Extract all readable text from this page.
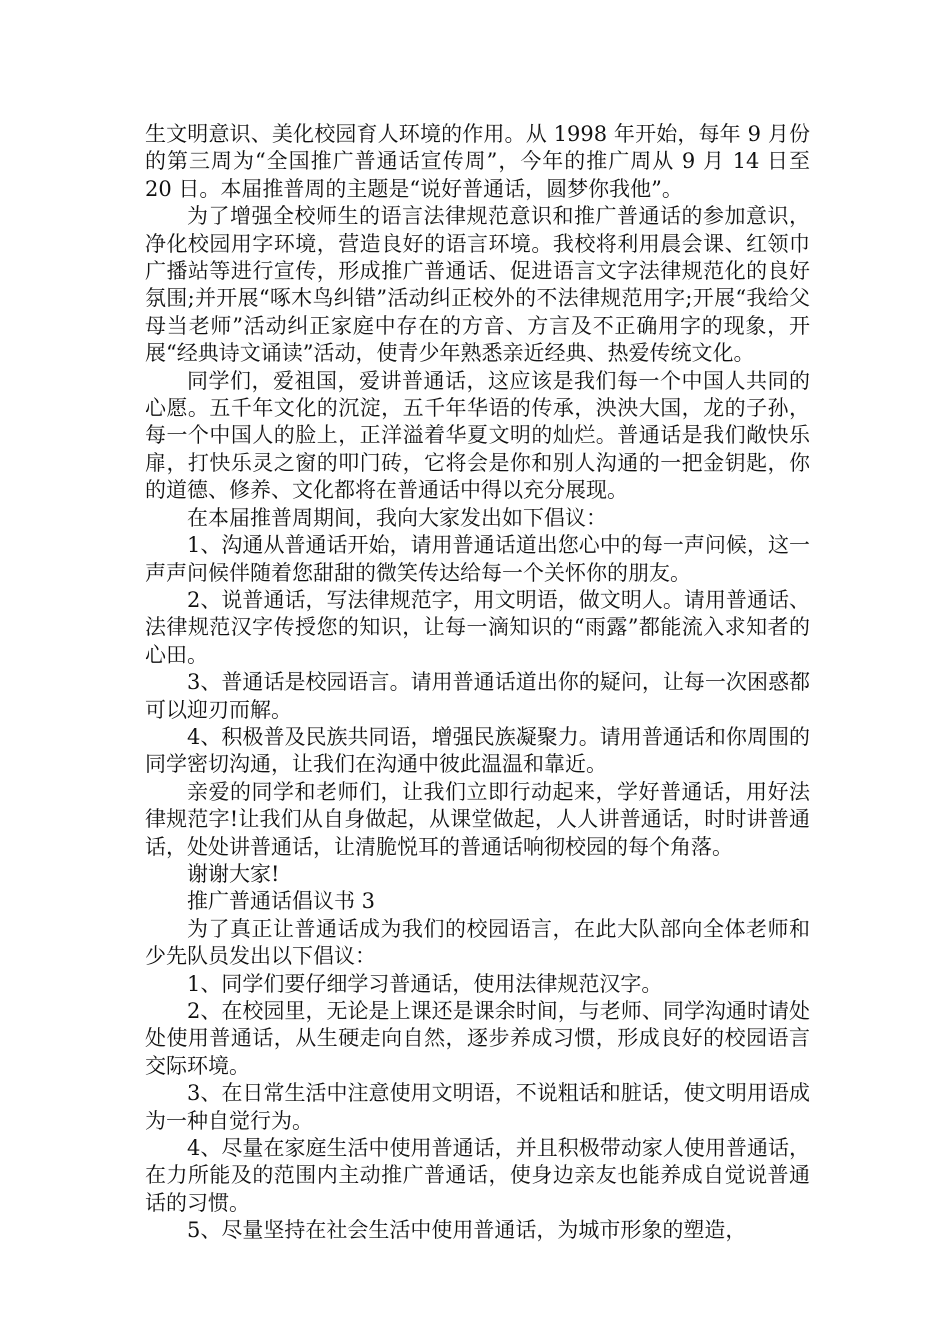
生文明意识、美化校园育人环境的作用。从 1998 年开始，每年 9 月份的第三周为“全国推广普通话宣传周”，今年的推广周从 9 月 14 日至 20 日。本届推普周的主题是“说好普通话，圆梦你我他”。

为了增强全校师生的语言法律规范意识和推广普通话的参加意识，净化校园用字环境，营造良好的语言环境。我校将利用晨会课、红领巾广播站等进行宣传，形成推广普通话、促进语言文字法律规范化的良好氛围;并开展“啄木鸟纠错”活动纠正校外的不法律规范用字;开展“我给父母当老师”活动纠正家庭中存在的方音、方言及不正确用字的现象，开展“经典诗文诵读”活动，使青少年熟悉亲近经典、热爱传统文化。

同学们，爱祖国，爱讲普通话，这应该是我们每一个中国人共同的心愿。五千年文化的沉淀，五千年华语的传承，泱泱大国，龙的子孙，每一个中国人的脸上，正洋溢着华夏文明的灿烂。普通话是我们敞快乐扉，打快乐灵之窗的叩门砖，它将会是你和别人沟通的一把金钥匙，你的道德、修养、文化都将在普通话中得以充分展现。

在本届推普周期间，我向大家发出如下倡议：

1、沟通从普通话开始，请用普通话道出您心中的每一声问候，这一声声问候伴随着您甜甜的微笑传达给每一个关怀你的朋友。

2、说普通话，写法律规范字，用文明语，做文明人。请用普通话、法律规范汉字传授您的知识，让每一滴知识的“雨露”都能流入求知者的心田。

3、普通话是校园语言。请用普通话道出你的疑问，让每一次困惑都可以迎刃而解。

4、积极普及民族共同语，增强民族凝聚力。请用普通话和你周围的同学密切沟通，让我们在沟通中彼此温温和靠近。

亲爱的同学和老师们，让我们立即行动起来，学好普通话，用好法律规范字!让我们从自身做起，从课堂做起，人人讲普通话，时时讲普通话，处处讲普通话，让清脆悦耳的普通话响彻校园的每个角落。

谢谢大家!

推广普通话倡议书 3

为了真正让普通话成为我们的校园语言，在此大队部向全体老师和少先队员发出以下倡议：

1、同学们要仔细学习普通话，使用法律规范汉字。

2、在校园里，无论是上课还是课余时间，与老师、同学沟通时请处处使用普通话，从生硬走向自然，逐步养成习惯，形成良好的校园语言交际环境。

3、在日常生活中注意使用文明语，不说粗话和脏话，使文明用语成为一种自觉行为。

4、尽量在家庭生活中使用普通话，并且积极带动家人使用普通话，在力所能及的范围内主动推广普通话，使身边亲友也能养成自觉说普通话的习惯。

5、尽量坚持在社会生活中使用普通话，为城市形象的塑造，
